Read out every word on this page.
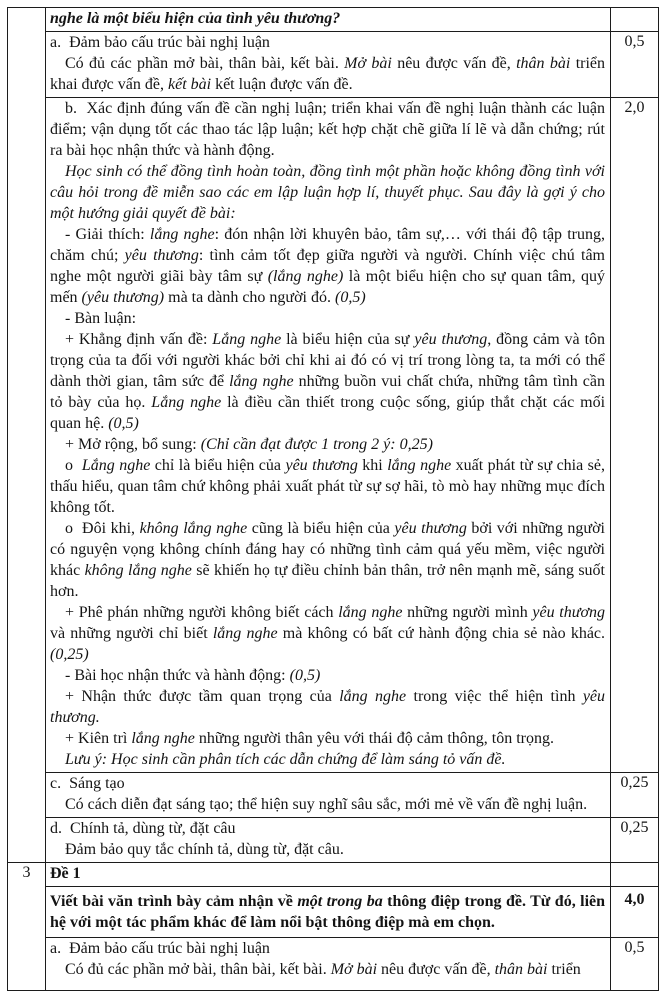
	nghe là một biểu hiện của tình yêu thương?	

	a.  Đảm bảo cấu trúc bài nghị luận

Có đủ các phần mở bài, thân bài, kết bài. Mở bài nêu được vấn đề, thân bài triển khai được vấn đề, kết bài kết luận được vấn đề.	0,5

b.  Xác định đúng vấn đề cần nghị luận; triển khai vấn đề nghị luận thành các luận điểm; vận dụng tốt các thao tác lập luận; kết hợp chặt chẽ giữa lí lẽ và dẫn chứng; rút ra bài học nhận thức và hành động.

Học sinh có thể đồng tình hoàn toàn, đồng tình một phần hoặc không đồng tình với câu hỏi trong đề miễn sao các em lập luận hợp lí, thuyết phục. Sau đây là gợi ý cho một hướng giải quyết đề bài:

- Giải thích: lắng nghe: đón nhận lời khuyên bảo, tâm sự,… với thái độ tập trung, chăm chú; yêu thương: tình cảm tốt đẹp giữa người và người. Chính việc chú tâm nghe một người giãi bày tâm sự (lắng nghe) là một biểu hiện cho sự quan tâm, quý mến (yêu thương) mà ta dành cho người đó. (0,5)

- Bàn luận:

+ Khẳng định vấn đề: Lắng nghe là biểu hiện của sự yêu thương, đồng cảm và tôn trọng của ta đối với người khác bởi chỉ khi ai đó có vị trí trong lòng ta, ta mới có thể dành thời gian, tâm sức để lắng nghe những buồn vui chất chứa, những tâm tình cần tỏ bày của họ. Lắng nghe là điều cần thiết trong cuộc sống, giúp thắt chặt các mối quan hệ. (0,5)

+ Mở rộng, bổ sung: (Chỉ cần đạt được 1 trong 2 ý: 0,25)

o  Lắng nghe chỉ là biểu hiện của yêu thương khi lắng nghe xuất phát từ sự chia sẻ, thấu hiểu, quan tâm chứ không phải xuất phát từ sự sợ hãi, tò mò hay những mục đích không tốt.

o  Đôi khi, không lắng nghe cũng là biểu hiện của yêu thương bởi với những người có nguyện vọng không chính đáng hay có những tình cảm quá yếu mềm, việc người khác không lắng nghe sẽ khiến họ tự điều chỉnh bản thân, trở nên mạnh mẽ, sáng suốt hơn.

+ Phê phán những người không biết cách lắng nghe những người mình yêu thương và những người chỉ biết lắng nghe mà không có bất cứ hành động chia sẻ nào khác. (0,25)

- Bài học nhận thức và hành động: (0,5)

+ Nhận thức được tầm quan trọng của lắng nghe trong việc thể hiện tình yêu thương.

+ Kiên trì lắng nghe những người thân yêu với thái độ cảm thông, tôn trọng.

Lưu ý: Học sinh cần phân tích các dẫn chứng để làm sáng tỏ vấn đề.

	2,0

	c.  Sáng tạo

Có cách diễn đạt sáng tạo; thể hiện suy nghĩ sâu sắc, mới mẻ về vấn đề nghị luận.	0,25

	d.  Chính tả, dùng từ, đặt câu

Đảm bảo quy tắc chính tả, dùng từ, đặt câu.	0,25
3	Đề 1	

	Viết bài văn trình bày cảm nhận về một trong ba thông điệp trong đề. Từ đó, liên hệ với một tác phẩm khác để làm nổi bật thông điệp mà em chọn.	4,0

	a.  Đảm bảo cấu trúc bài nghị luận

Có đủ các phần mở bài, thân bài, kết bài. Mở bài nêu được vấn đề, thân bài triển	0,5
